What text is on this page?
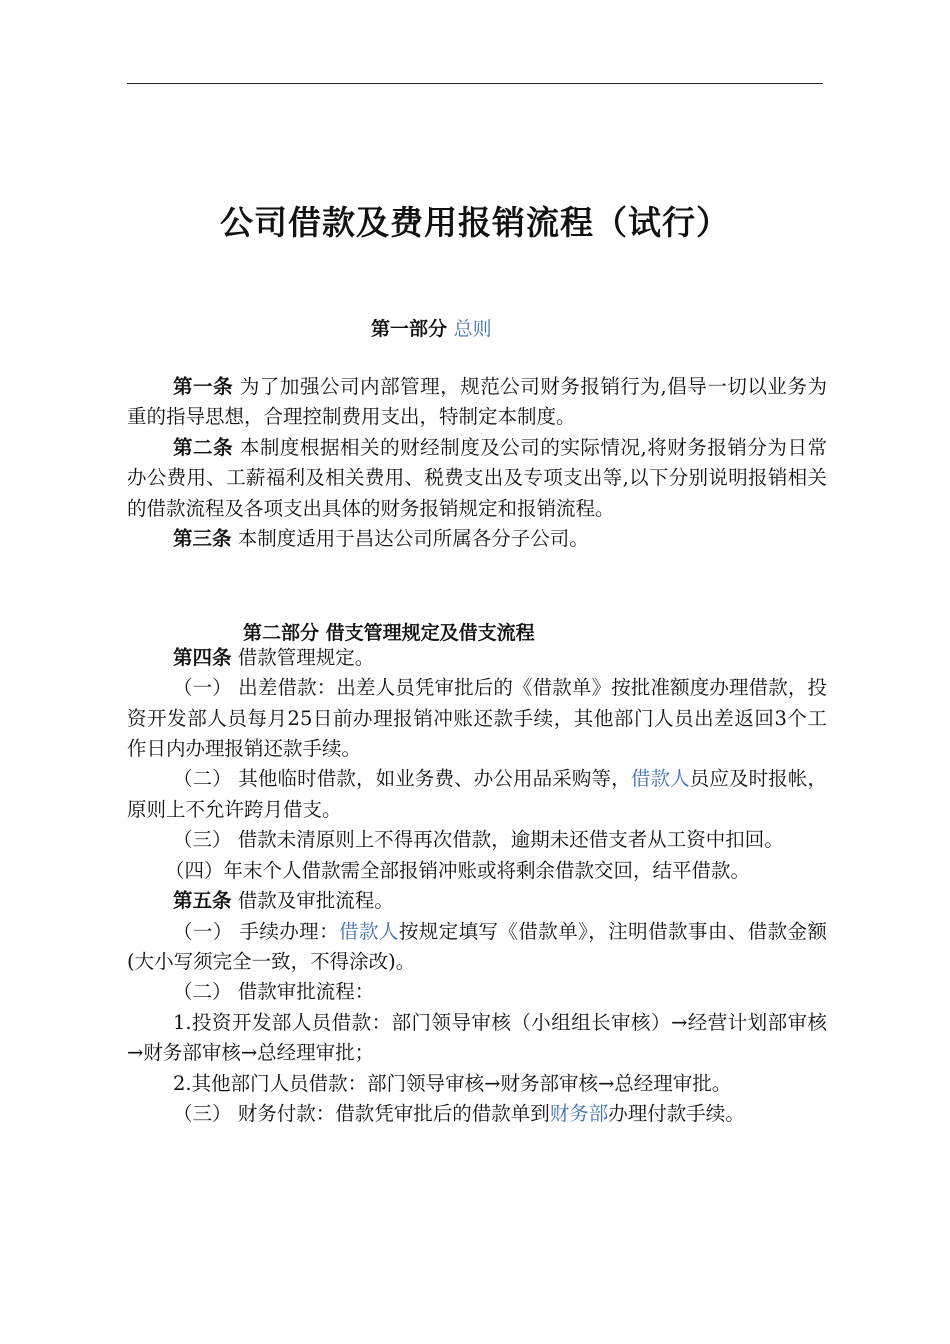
公司借款及费用报销流程（试行）
第一部分 总则

第一条 为了加强公司内部管理，规范公司财务报销行为,倡导一切以业务为重的指导思想，合理控制费用支出，特制定本制度。

第二条 本制度根据相关的财经制度及公司的实际情况,将财务报销分为日常办公费用、工薪福利及相关费用、税费支出及专项支出等,以下分别说明报销相关的借款流程及各项支出具体的财务报销规定和报销流程。

第三条 本制度适用于昌达公司所属各分子公司。

第四条 借款管理规定。

（一） 出差借款：出差人员凭审批后的《借款单》按批准额度办理借款，投资开发部人员每月25日前办理报销冲账还款手续，其他部门人员出差返回3个工作日内办理报销还款手续。

（二） 其他临时借款，如业务费、办公用品采购等，借款人员应及时报帐，原则上不允许跨月借支。

（三） 借款未清原则上不得再次借款，逾期未还借支者从工资中扣回。

（四）年末个人借款需全部报销冲账或将剩余借款交回，结平借款。

第五条 借款及审批流程。

（一） 手续办理：借款人按规定填写《借款单》，注明借款事由、借款金额(大小写须完全一致，不得涂改)。

（二） 借款审批流程：

1.投资开发部人员借款：部门领导审核（小组组长审核）→经营计划部审核→财务部审核→总经理审批；

2.其他部门人员借款：部门领导审核→财务部审核→总经理审批。

（三） 财务付款：借款凭审批后的借款单到财务部办理付款手续。

第二部分 借支管理规定及借支流程
